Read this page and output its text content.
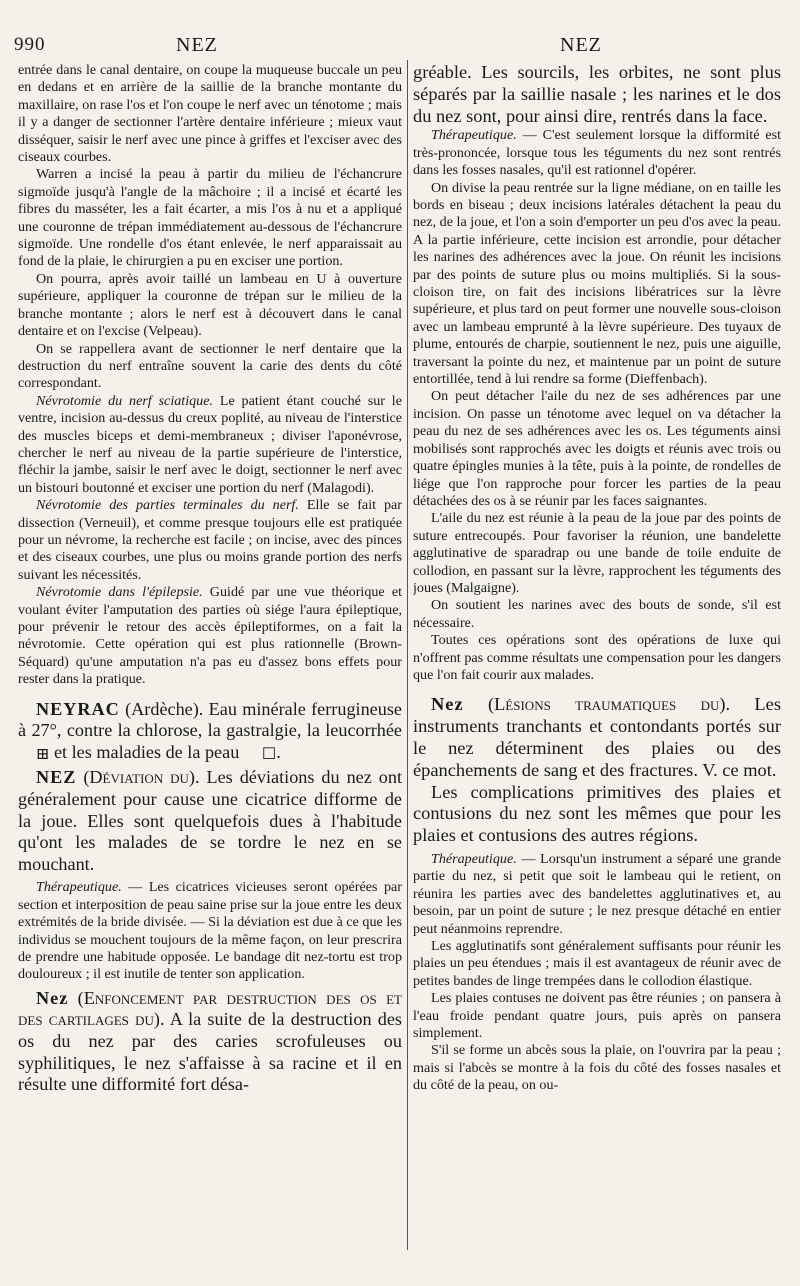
990	NEZ	NEZ

entrée dans le canal dentaire, on coupe la muqueuse buccale un peu en dedans et en arrière de la saillie de la branche montante du maxillaire, on rase l'os et l'on coupe le nerf avec un ténotome ; mais il y a danger de sectionner l'artère dentaire inférieure ; mieux vaut disséquer, saisir le nerf avec une pince à griffes et l'exciser avec des ciseaux courbes.

Warren a incisé la peau à partir du milieu de l'échancrure sigmoïde jusqu'à l'angle de la mâchoire ; il a incisé et écarté les fibres du masséter, les a fait écarter, a mis l'os à nu et a appliqué une couronne de trépan immédiatement au-dessous de l'échancrure sigmoïde. Une rondelle d'os étant enlevée, le nerf apparaissait au fond de la plaie, le chirurgien a pu en exciser une portion.

On pourra, après avoir taillé un lambeau en U à ouverture supérieure, appliquer la couronne de trépan sur le milieu de la branche montante ; alors le nerf est à découvert dans le canal dentaire et on l'excise (Velpeau).

On se rappellera avant de sectionner le nerf dentaire que la destruction du nerf entraîne souvent la carie des dents du côté correspondant.

Névrotomie du nerf sciatique. Le patient étant couché sur le ventre, incision au-dessus du creux poplité, au niveau de l'interstice des muscles biceps et demi-membraneux ; diviser l'aponévrose, chercher le nerf au niveau de la partie supérieure de l'interstice, fléchir la jambe, saisir le nerf avec le doigt, sectionner le nerf avec un bistouri boutonné et exciser une portion du nerf (Malagodi).

Névrotomie des parties terminales du nerf. Elle se fait par dissection (Verneuil), et comme presque toujours elle est pratiquée pour un névrome, la recherche est facile ; on incise, avec des pinces et des ciseaux courbes, une plus ou moins grande portion des nerfs suivant les nécessités.

Névrotomie dans l'épilepsie. Guidé par une vue théorique et voulant éviter l'amputation des parties où siége l'aura épileptique, pour prévenir le retour des accès épileptiformes, on a fait la névrotomie. Cette opération qui est plus rationnelle (Brown-Séquard) qu'une amputation n'a pas eu d'assez bons effets pour rester dans la pratique.

NEYRAC (Ardèche). Eau minérale ferrugineuse à 27°, contre la chlorose, la gastralgie, la leucorrhée ⊞ et les maladies de la peau ☐.

NEZ (Déviation du). Les déviations du nez ont généralement pour cause une cicatrice difforme de la joue. Elles sont quelquefois dues à l'habitude qu'ont les malades de se tordre le nez en se mouchant.

Thérapeutique. — Les cicatrices vicieuses seront opérées par section et interposition de peau saine prise sur la joue entre les deux extrémités de la bride divisée. — Si la déviation est due à ce que les individus se mouchent toujours de la même façon, on leur prescrira de prendre une habitude opposée. Le bandage dit nez-tortu est trop douloureux ; il est inutile de tenter son application.

Nez (Enfoncement par destruction des os et des cartilages du). A la suite de la destruction des os du nez par des caries scrofuleuses ou syphilitiques, le nez s'affaisse à sa racine et il en résulte une difformité fort désa-

gréable. Les sourcils, les orbites, ne sont plus séparés par la saillie nasale ; les narines et le dos du nez sont, pour ainsi dire, rentrés dans la face.

Thérapeutique. — C'est seulement lorsque la difformité est très-prononcée, lorsque tous les téguments du nez sont rentrés dans les fosses nasales, qu'il est rationnel d'opérer.

On divise la peau rentrée sur la ligne médiane, on en taille les bords en biseau ; deux incisions latérales détachent la peau du nez, de la joue, et l'on a soin d'emporter un peu d'os avec la peau. A la partie inférieure, cette incision est arrondie, pour détacher les narines des adhérences avec la joue. On réunit les incisions par des points de suture plus ou moins multipliés. Si la sous-cloison tire, on fait des incisions libératrices sur la lèvre supérieure, et plus tard on peut former une nouvelle sous-cloison avec un lambeau emprunté à la lèvre supérieure. Des tuyaux de plume, entourés de charpie, soutiennent le nez, puis une aiguille, traversant la pointe du nez, et maintenue par un point de suture entortillée, tend à lui rendre sa forme (Dieffenbach).

On peut détacher l'aile du nez de ses adhérences par une incision. On passe un ténotome avec lequel on va détacher la peau du nez de ses adhérences avec les os. Les téguments ainsi mobilisés sont rapprochés avec les doigts et réunis avec trois ou quatre épingles munies à la tête, puis à la pointe, de rondelles de liége que l'on rapproche pour forcer les parties de la peau détachées des os à se réunir par les faces saignantes.

L'aile du nez est réunie à la peau de la joue par des points de suture entrecoupés. Pour favoriser la réunion, une bandelette agglutinative de sparadrap ou une bande de toile enduite de collodion, en passant sur la lèvre, rapprochent les téguments des joues (Malgaigne).

On soutient les narines avec des bouts de sonde, s'il est nécessaire.

Toutes ces opérations sont des opérations de luxe qui n'offrent pas comme résultats une compensation pour les dangers que l'on fait courir aux malades.

Nez (Lésions traumatiques du). Les instruments tranchants et contondants portés sur le nez déterminent des plaies ou des épanchements de sang et des fractures. V. ce mot.

Les complications primitives des plaies et contusions du nez sont les mêmes que pour les plaies et contusions des autres régions.

Thérapeutique. — Lorsqu'un instrument a séparé une grande partie du nez, si petit que soit le lambeau qui le retient, on réunira les parties avec des bandelettes agglutinatives et, au besoin, par un point de suture ; le nez presque détaché en entier peut néanmoins reprendre.

Les agglutinatifs sont généralement suffisants pour réunir les plaies un peu étendues ; mais il est avantageux de réunir avec de petites bandes de linge trempées dans le collodion élastique.

Les plaies contuses ne doivent pas être réunies ; on pansera à l'eau froide pendant quatre jours, puis après on pansera simplement.

S'il se forme un abcès sous la plaie, on l'ouvrira par la peau ; mais si l'abcès se montre à la fois du côté des fosses nasales et du côté de la peau, on ou-
